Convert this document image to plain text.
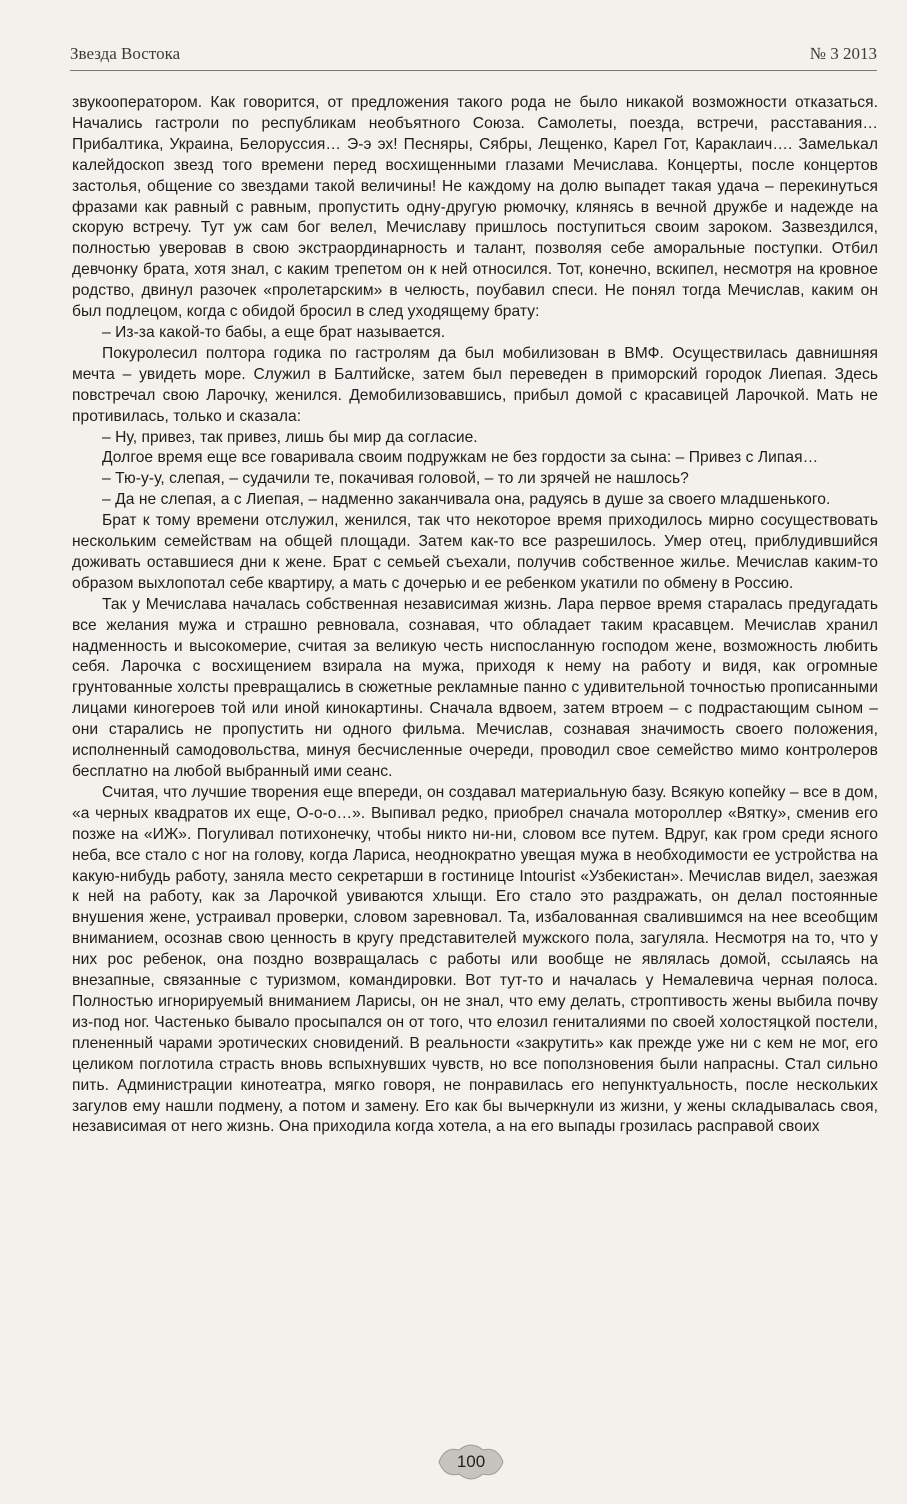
Звезда Востока	№ 3 2013

звукооператором. Как говорится, от предложения такого рода не было никакой возможности отказаться. Начались гастроли по республикам необъятного Союза. Самолеты, поезда, встречи, расставания… Прибалтика, Украина, Белоруссия… Э-э эх! Песняры, Сябры, Лещенко, Карел Гот, Караклаич…. Замелькал калейдоскоп звезд того времени перед восхищенными глазами Мечислава. Концерты, после концертов застолья, общение со звездами такой величины! Не каждому на долю выпадет такая удача – перекинуться фразами как равный с равным, пропустить одну-другую рюмочку, клянясь в вечной дружбе и надежде на скорую встречу. Тут уж сам бог велел, Мечиславу пришлось поступиться своим зароком. Зазвездился, полностью уверовав в свою экстраординарность и талант, позволяя себе аморальные поступки. Отбил девчонку брата, хотя знал, с каким трепетом он к ней относился. Тот, конечно, вскипел, несмотря на кровное родство, двинул разочек «пролетарским» в челюсть, поубавил спеси. Не понял тогда Мечислав, каким он был подлецом, когда с обидой бросил в след уходящему брату:

– Из-за какой-то бабы, а еще брат называется.

Покуролесил полтора годика по гастролям да был мобилизован в ВМФ. Осуществилась давнишняя мечта – увидеть море. Служил в Балтийске, затем был переведен в приморский городок Лиепая. Здесь повстречал свою Ларочку, женился. Демобилизовавшись, прибыл домой с красавицей Ларочкой. Мать не противилась, только и сказала:

– Ну, привез, так привез, лишь бы мир да согласие.

Долгое время еще все говаривала своим подружкам не без гордости за сына: – Привез с Липая…

– Тю-у-у, слепая, – судачили те, покачивая головой, – то ли зрячей не нашлось?

– Да не слепая, а с Лиепая, – надменно заканчивала она, радуясь в душе за своего младшенького.

Брат к тому времени отслужил, женился, так что некоторое время приходилось мирно сосуществовать нескольким семействам на общей площади. Затем как-то все разрешилось. Умер отец, приблудившийся доживать оставшиеся дни к жене. Брат с семьей съехали, получив собственное жилье. Мечислав каким-то образом выхлопотал себе квартиру, а мать с дочерью и ее ребенком укатили по обмену в Россию.

Так у Мечислава началась собственная независимая жизнь. Лара первое время старалась предугадать все желания мужа и страшно ревновала, сознавая, что обладает таким красавцем. Мечислав хранил надменность и высокомерие, считая за великую честь ниспосланную господом жене, возможность любить себя. Ларочка с восхищением взирала на мужа, приходя к нему на работу и видя, как огромные грунтованные холсты превращались в сюжетные рекламные панно с удивительной точностью прописанными лицами киногероев той или иной кинокартины. Сначала вдвоем, затем втроем – с подрастающим сыном – они старались не пропустить ни одного фильма. Мечислав, сознавая значимость своего положения, исполненный самодовольства, минуя бесчисленные очереди, проводил свое семейство мимо контролеров бесплатно на любой выбранный ими сеанс.

Считая, что лучшие творения еще впереди, он создавал материальную базу. Всякую копейку – все в дом, «а черных квадратов их еще, О-о-о…». Выпивал редко, приобрел сначала мотороллер «Вятку», сменив его позже на «ИЖ». Погуливал потихонечку, чтобы никто ни-ни, словом все путем. Вдруг, как гром среди ясного неба, все стало с ног на голову, когда Лариса, неоднократно увещая мужа в необходимости ее устройства на какую-нибудь работу, заняла место секретарши в гостинице Intourist «Узбекистан». Мечислав видел, заезжая к ней на работу, как за Ларочкой увиваются хлыщи. Его стало это раздражать, он делал постоянные внушения жене, устраивал проверки, словом заревновал. Та, избалованная свалившимся на нее всеобщим вниманием, осознав свою ценность в кругу представителей мужского пола, загуляла. Несмотря на то, что у них рос ребенок, она поздно возвращалась с работы или вообще не являлась домой, ссылаясь на внезапные, связанные с туризмом, командировки. Вот тут-то и началась у Немалевича черная полоса. Полностью игнорируемый вниманием Ларисы, он не знал, что ему делать, строптивость жены выбила почву из-под ног. Частенько бывало просыпался он от того, что елозил гениталиями по своей холостяцкой постели, плененный чарами эротических сновидений. В реальности «закрутить» как прежде уже ни с кем не мог, его целиком поглотила страсть вновь вспыхнувших чувств, но все поползновения были напрасны. Стал сильно пить. Администрации кинотеатра, мягко говоря, не понравилась его непунктуальность, после нескольких загулов ему нашли подмену, а потом и замену. Его как бы вычеркнули из жизни, у жены складывалась своя, независимая от него жизнь. Она приходила когда хотела, а на его выпады грозилась расправой своих

100
